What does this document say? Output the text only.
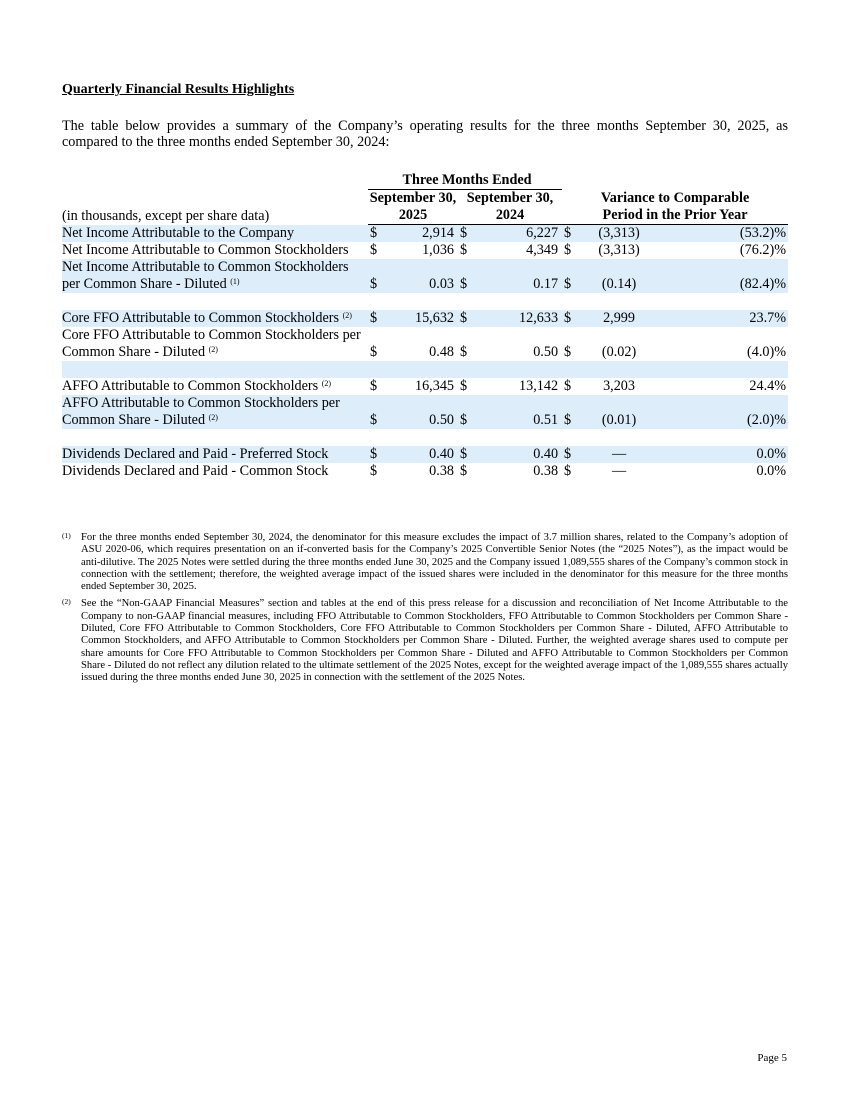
Quarterly Financial Results Highlights
The table below provides a summary of the Company’s operating results for the three months September 30, 2025, as compared to the three months ended September 30, 2024:
	Three Months Ended						
	September 30,		September 30,		Variance to Comparable		
(in thousands, except per share data)	2025		2024		Period in the Prior Year		
Net Income Attributable to the Company	$	2,914	$	6,227	$	(3,313)	(53.2)%
Net Income Attributable to Common Stockholders	$	1,036	$	4,349	$	(3,313)	(76.2)%
Net Income Attributable to Common Stockholders per Common Share - Diluted $^{(1)}$	$	0.03	$	0.17	$	(0.14)	(82.4)%

Core FFO Attributable to Common Stockholders $^{(2)}$	$	15,632	$	12,633	$	2,999	23.7%
Core FFO Attributable to Common Stockholders per Common Share - Diluted $^{(2)}$	$	0.48	$	0.50	$	(0.02)	(4.0)%

AFFO Attributable to Common Stockholders $^{(2)}$	$	16,345	$	13,142	$	3,203	24.4%
AFFO Attributable to Common Stockholders per Common Share - Diluted $^{(2)}$	$	0.50	$	0.51	$	(0.01)	(2.0)%

Dividends Declared and Paid - Preferred Stock	$	0.40	$	0.40	$	—	0.0%
Dividends Declared and Paid - Common Stock	$	0.38	$	0.38	$	—	0.0%
(1) For the three months ended September 30, 2024, the denominator for this measure excludes the impact of 3.7 million shares, related to the Company’s adoption of ASU 2020-06, which requires presentation on an if-converted basis for the Company’s 2025 Convertible Senior Notes (the “2025 Notes”), as the impact would be anti-dilutive. The 2025 Notes were settled during the three months ended June 30, 2025 and the Company issued 1,089,555 shares of the Company’s common stock in connection with the settlement; therefore, the weighted average impact of the issued shares were included in the denominator for this measure for the three months ended September 30, 2025.
(2) See the “Non-GAAP Financial Measures” section and tables at the end of this press release for a discussion and reconciliation of Net Income Attributable to the Company to non-GAAP financial measures, including FFO Attributable to Common Stockholders, FFO Attributable to Common Stockholders per Common Share - Diluted, Core FFO Attributable to Common Stockholders, Core FFO Attributable to Common Stockholders per Common Share - Diluted, AFFO Attributable to Common Stockholders, and AFFO Attributable to Common Stockholders per Common Share - Diluted. Further, the weighted average shares used to compute per share amounts for Core FFO Attributable to Common Stockholders per Common Share - Diluted and AFFO Attributable to Common Stockholders per Common Share - Diluted do not reflect any dilution related to the ultimate settlement of the 2025 Notes, except for the weighted average impact of the 1,089,555 shares actually issued during the three months ended June 30, 2025 in connection with the settlement of the 2025 Notes.
Page 5
